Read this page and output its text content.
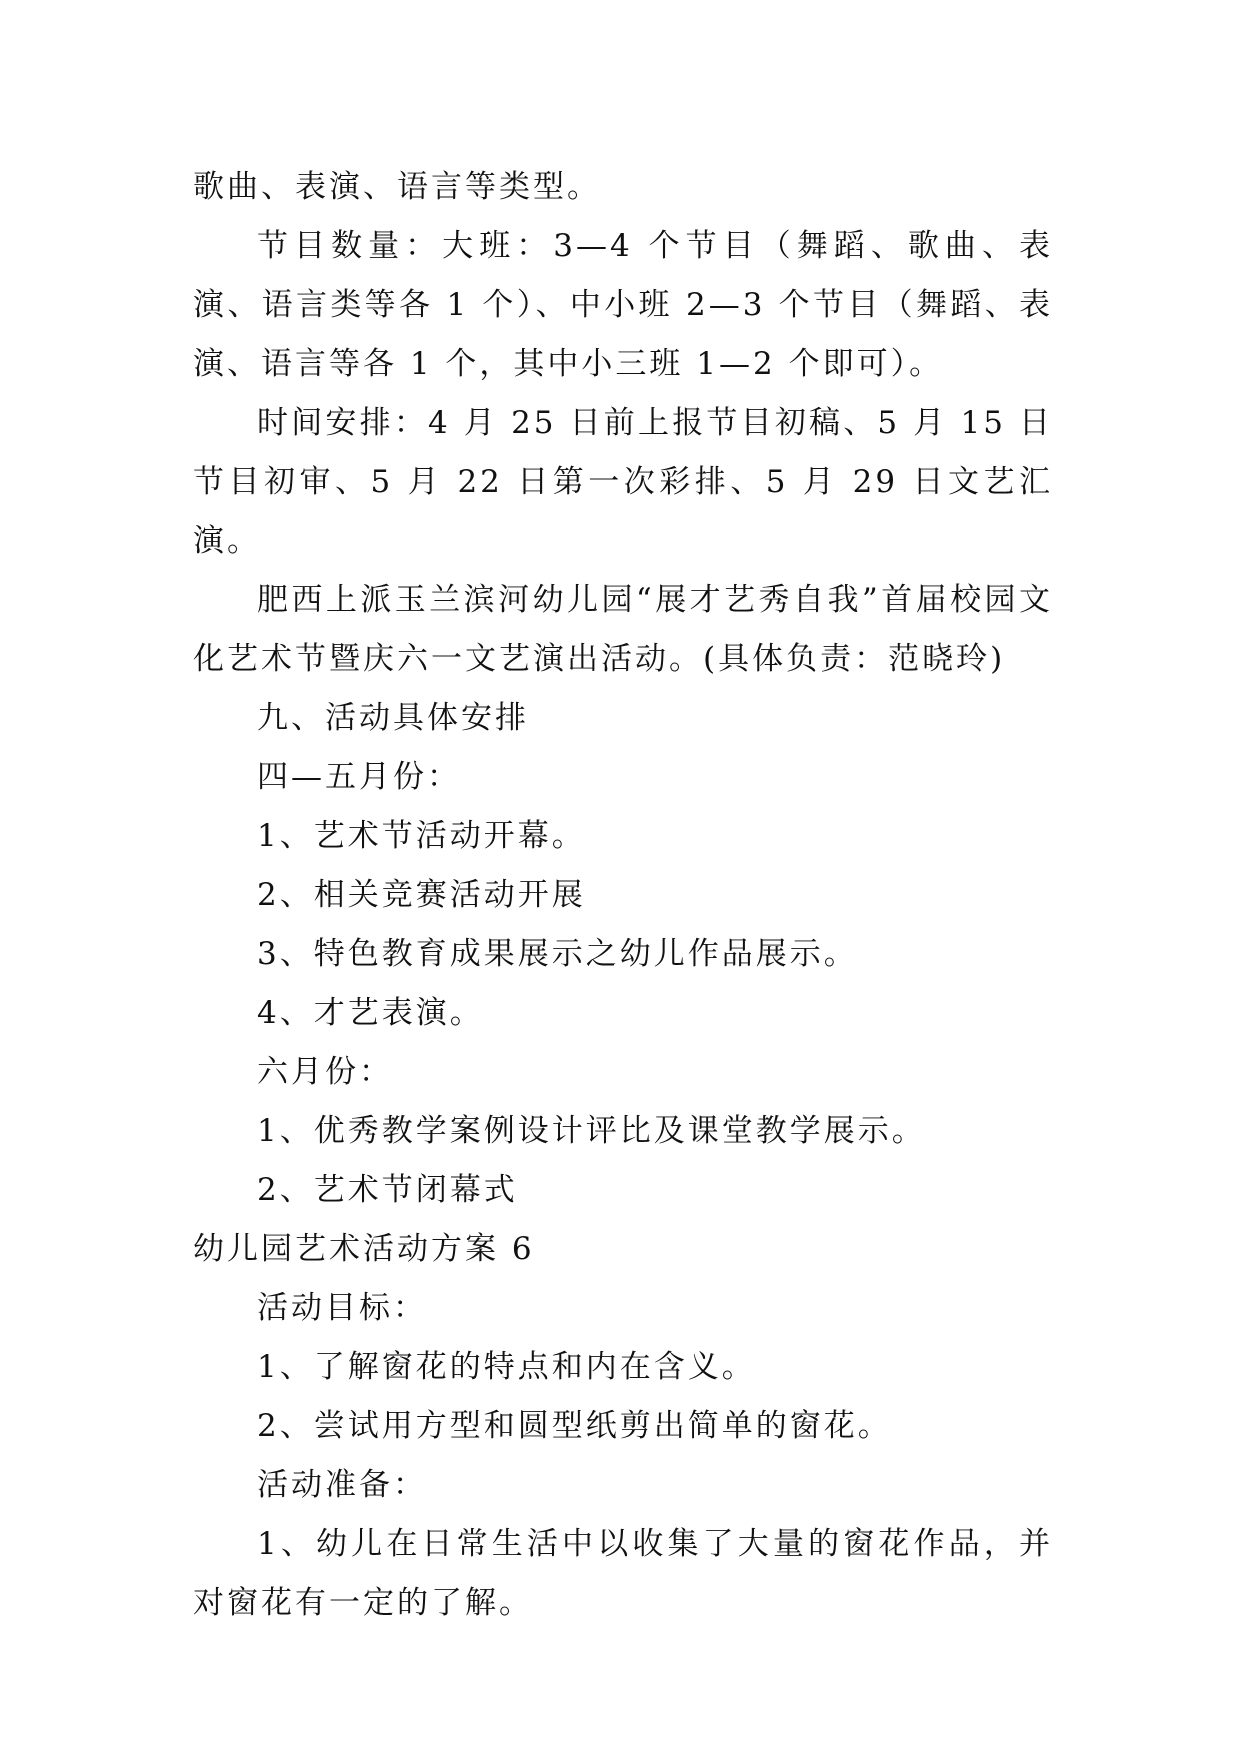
歌曲、表演、语言等类型。

节目数量：大班：3—4 个节目（舞蹈、歌曲、表演、语言类等各 1 个）、中小班 2—3 个节目（舞蹈、表演、语言等各 1 个，其中小三班 1—2 个即可）。

时间安排：4 月 25 日前上报节目初稿、5 月 15 日节目初审、5 月 22 日第一次彩排、5 月 29 日文艺汇演。

肥西上派玉兰滨河幼儿园“展才艺秀自我”首届校园文化艺术节暨庆六一文艺演出活动。(具体负责：范晓玲)

九、活动具体安排

四—五月份：

1、艺术节活动开幕。

2、相关竞赛活动开展

3、特色教育成果展示之幼儿作品展示。

4、才艺表演。

六月份：

1、优秀教学案例设计评比及课堂教学展示。

2、艺术节闭幕式

幼儿园艺术活动方案 6

活动目标：

1、了解窗花的特点和内在含义。

2、尝试用方型和圆型纸剪出简单的窗花。

活动准备：

1、幼儿在日常生活中以收集了大量的窗花作品，并对窗花有一定的了解。
